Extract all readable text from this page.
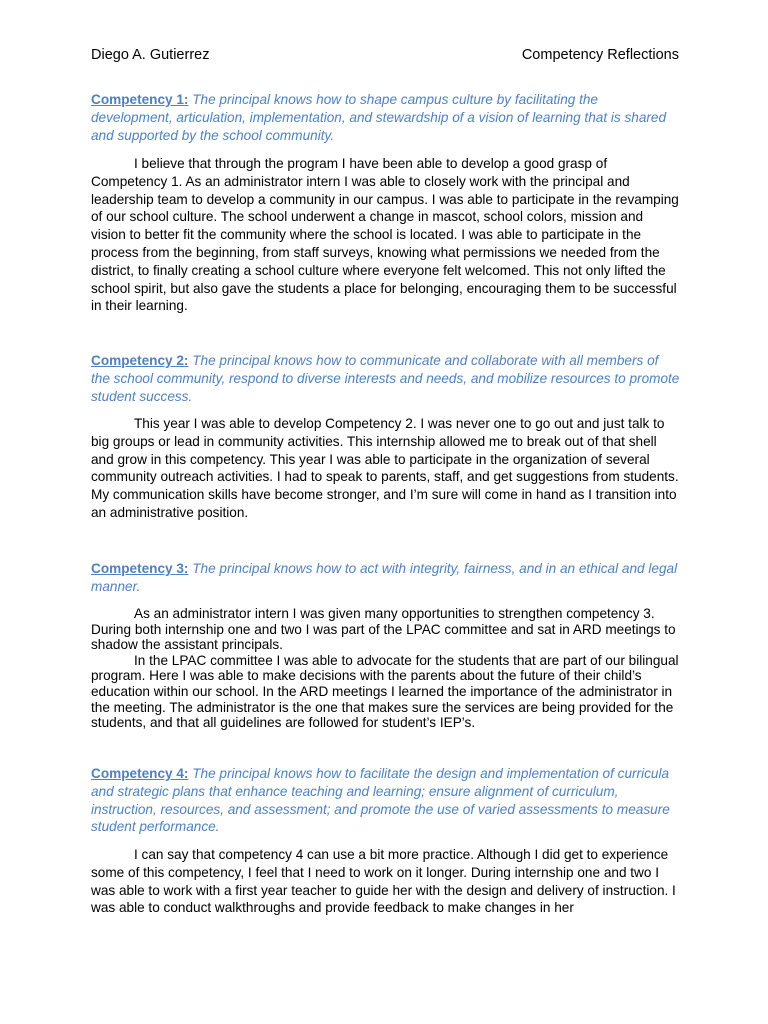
Diego A. Gutierrez	Competency Reflections
Competency 1: The principal knows how to shape campus culture by facilitating the development, articulation, implementation, and stewardship of a vision of learning that is shared and supported by the school community.

I believe that through the program I have been able to develop a good grasp of Competency 1. As an administrator intern I was able to closely work with the principal and leadership team to develop a community in our campus. I was able to participate in the revamping of our school culture. The school underwent a change in mascot, school colors, mission and vision to better fit the community where the school is located. I was able to participate in the process from the beginning, from staff surveys, knowing what permissions we needed from the district, to finally creating a school culture where everyone felt welcomed. This not only lifted the school spirit, but also gave the students a place for belonging, encouraging them to be successful in their learning.

Competency 2: The principal knows how to communicate and collaborate with all members of the school community, respond to diverse interests and needs, and mobilize resources to promote student success.

This year I was able to develop Competency 2. I was never one to go out and just talk to big groups or lead in community activities. This internship allowed me to break out of that shell and grow in this competency. This year I was able to participate in the organization of several community outreach activities. I had to speak to parents, staff, and get suggestions from students. My communication skills have become stronger, and I’m sure will come in hand as I transition into an administrative position.

Competency 3: The principal knows how to act with integrity, fairness, and in an ethical and legal manner.

As an administrator intern I was given many opportunities to strengthen competency 3. During both internship one and two I was part of the LPAC committee and sat in ARD meetings to shadow the assistant principals.

In the LPAC committee I was able to advocate for the students that are part of our bilingual program. Here I was able to make decisions with the parents about the future of their child’s education within our school. In the ARD meetings I learned the importance of the administrator in the meeting. The administrator is the one that makes sure the services are being provided for the students, and that all guidelines are followed for student’s IEP’s.

Competency 4: The principal knows how to facilitate the design and implementation of curricula and strategic plans that enhance teaching and learning; ensure alignment of curriculum, instruction, resources, and assessment; and promote the use of varied assessments to measure student performance.

I can say that competency 4 can use a bit more practice. Although I did get to experience some of this competency, I feel that I need to work on it longer. During internship one and two I was able to work with a first year teacher to guide her with the design and delivery of instruction. I was able to conduct walkthroughs and provide feedback to make changes in her
